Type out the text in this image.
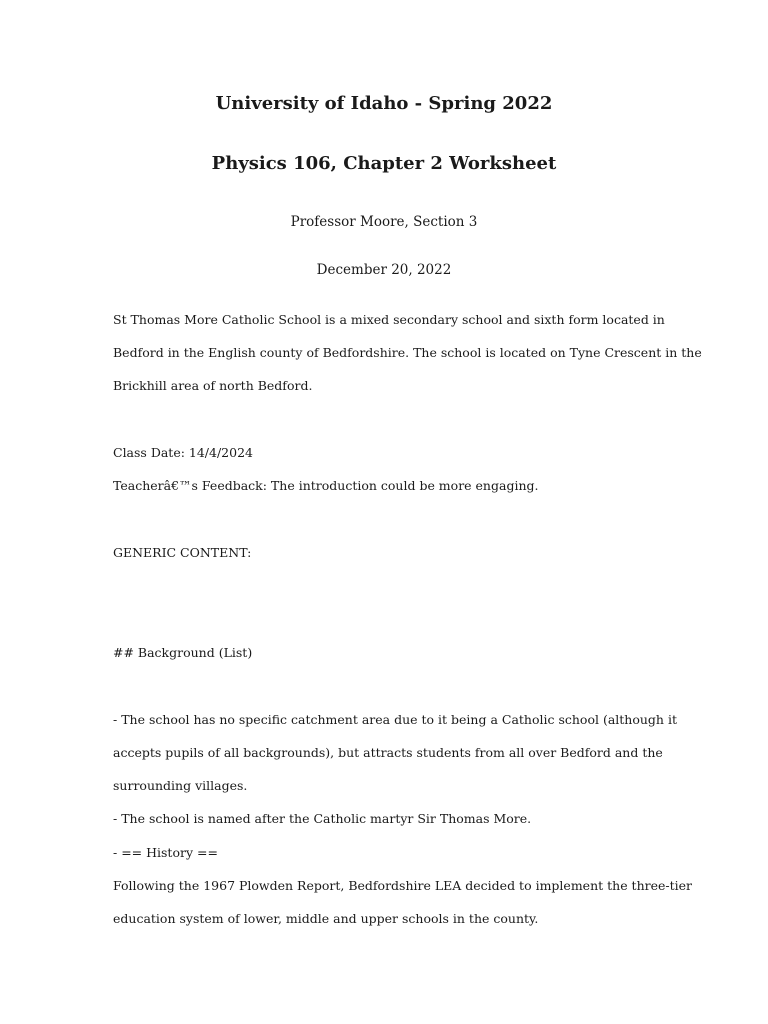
University of Idaho - Spring 2022
Physics 106, Chapter 2 Worksheet
Professor Moore, Section 3
December 20, 2022
St Thomas More Catholic School is a mixed secondary school and sixth form located in
Bedford in the English county of Bedfordshire. The school is located on Tyne Crescent in the
Brickhill area of north Bedford.
Class Date: 14/4/2024
Teacherâ€™s Feedback: The introduction could be more engaging.
GENERIC CONTENT:
## Background (List)
- The school has no specific catchment area due to it being a Catholic school (although it
accepts pupils of all backgrounds), but attracts students from all over Bedford and the
surrounding villages.
- The school is named after the Catholic martyr Sir Thomas More.
- == History ==
Following the 1967 Plowden Report, Bedfordshire LEA decided to implement the three-tier
education system of lower, middle and upper schools in the county.
